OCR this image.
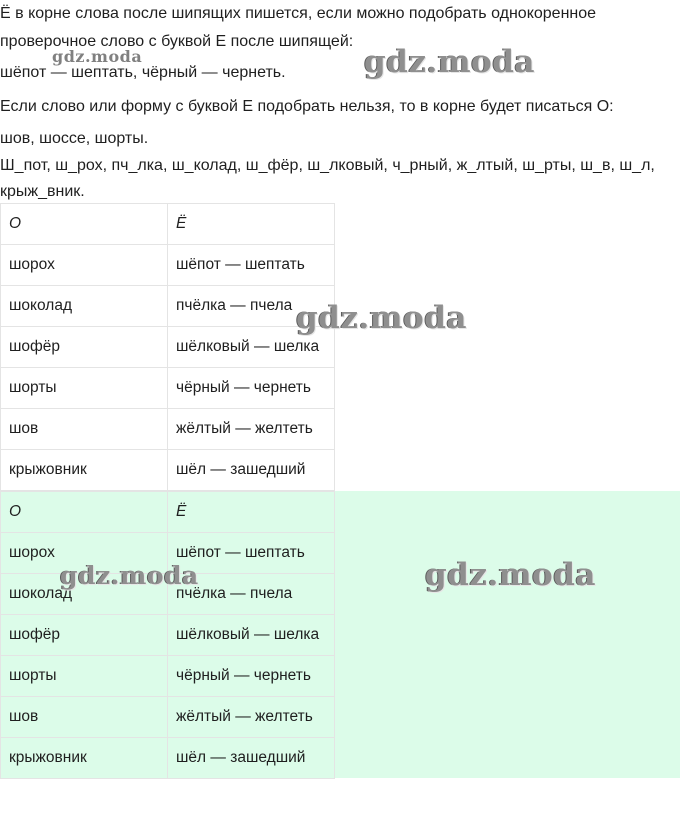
Ё в корне слова после шипящих пишется, если можно подобрать однокоренное
проверочное слово с буквой Е после шипящей:
шёпот — шептать, чёрный — чернеть.
Если слово или форму с буквой Е подобрать нельзя, то в корне будет писаться О:
шов, шоссе, шорты.
Ш_пот, ш_рох, пч_лка, ш_колад, ш_фёр, ш_лковый, ч_рный, ж_лтый, ш_рты, ш_в, ш_л,
крыж_вник.
О	Ё
шорох	шёпот — шептать
шоколад	пчёлка — пчела
шофёр	шёлковый — шелка
шорты	чёрный — чернеть
шов	жёлтый — желтеть
крыжовник	шёл — зашедший
О	Ё
шорох	шёпот — шептать
шоколад	пчёлка — пчела
шофёр	шёлковый — шелка
шорты	чёрный — чернеть
шов	жёлтый — желтеть
крыжовник	шёл — зашедший
gdz.moda	gdz.moda
gdz.moda
gdz.moda	gdz.moda
